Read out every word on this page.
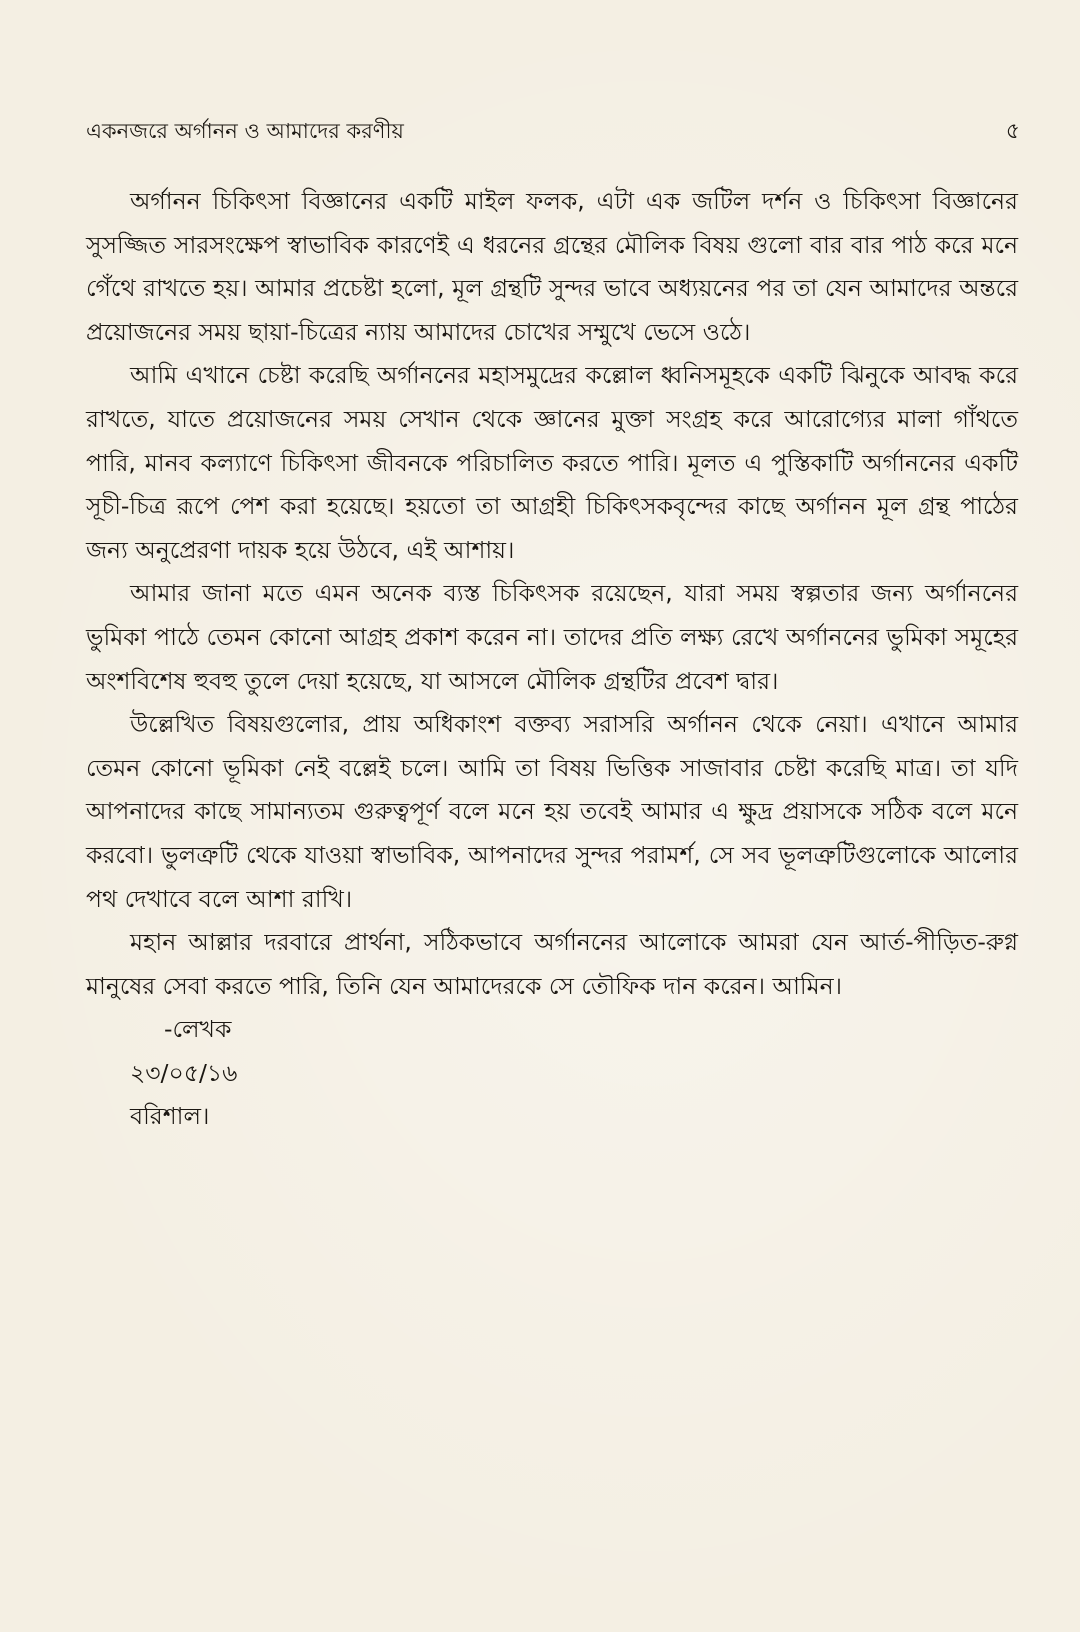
একনজরে অর্গানন ও আমাদের করণীয়	৫

অর্গানন চিকিৎসা বিজ্ঞানের একটি মাইল ফলক, এটা এক জটিল দর্শন ও চিকিৎসা বিজ্ঞানের সুসজ্জিত সারসংক্ষেপ স্বাভাবিক কারণেই এ ধরনের গ্রন্থের মৌলিক বিষয় গুলো বার বার পাঠ করে মনে গেঁথে রাখতে হয়। আমার প্রচেষ্টা হলো, মূল গ্রন্থটি সুন্দর ভাবে অধ্যয়নের পর তা যেন আমাদের অন্তরে প্রয়োজনের সময় ছায়া-চিত্রের ন্যায় আমাদের চোখের সম্মুখে ভেসে ওঠে।

আমি এখানে চেষ্টা করেছি অর্গাননের মহাসমুদ্রের কল্লোল ধ্বনিসমূহকে একটি ঝিনুকে আবদ্ধ করে রাখতে, যাতে প্রয়োজনের সময় সেখান থেকে জ্ঞানের মুক্তা সংগ্রহ করে আরোগ্যের মালা গাঁথতে পারি, মানব কল্যাণে চিকিৎসা জীবনকে পরিচালিত করতে পারি। মূলত এ পুস্তিকাটি অর্গাননের একটি সূচী-চিত্র রূপে পেশ করা হয়েছে। হয়তো তা আগ্রহী চিকিৎসকবৃন্দের কাছে অর্গানন মূল গ্রন্থ পাঠের জন্য অনুপ্রেরণা দায়ক হয়ে উঠবে, এই আশায়।

আমার জানা মতে এমন অনেক ব্যস্ত চিকিৎসক রয়েছেন, যারা সময় স্বল্পতার জন্য অর্গাননের ভুমিকা পাঠে তেমন কোনো আগ্রহ প্রকাশ করেন না। তাদের প্রতি লক্ষ্য রেখে অর্গাননের ভুমিকা সমূহের অংশবিশেষ হুবহু তুলে দেয়া হয়েছে, যা আসলে মৌলিক গ্রন্থটির প্রবেশ দ্বার।

উল্লেখিত বিষয়গুলোর, প্রায় অধিকাংশ বক্তব্য সরাসরি অর্গানন থেকে নেয়া। এখানে আমার তেমন কোনো ভূমিকা নেই বল্লেই চলে। আমি তা বিষয় ভিত্তিক সাজাবার চেষ্টা করেছি মাত্র। তা যদি আপনাদের কাছে সামান্যতম গুরুত্বপূর্ণ বলে মনে হয় তবেই আমার এ ক্ষুদ্র প্রয়াসকে সঠিক বলে মনে করবো। ভুলত্রুটি থেকে যাওয়া স্বাভাবিক, আপনাদের সুন্দর পরামর্শ, সে সব ভূলত্রুটিগুলোকে আলোর পথ দেখাবে বলে আশা রাখি।

মহান আল্লার দরবারে প্রার্থনা, সঠিকভাবে অর্গাননের আলোকে আমরা যেন আর্ত-পীড়িত-রুগ্ন মানুষের সেবা করতে পারি, তিনি যেন আমাদেরকে সে তৌফিক দান করেন। আমিন।

-লেখক

২৩/০৫/১৬

বরিশাল।
